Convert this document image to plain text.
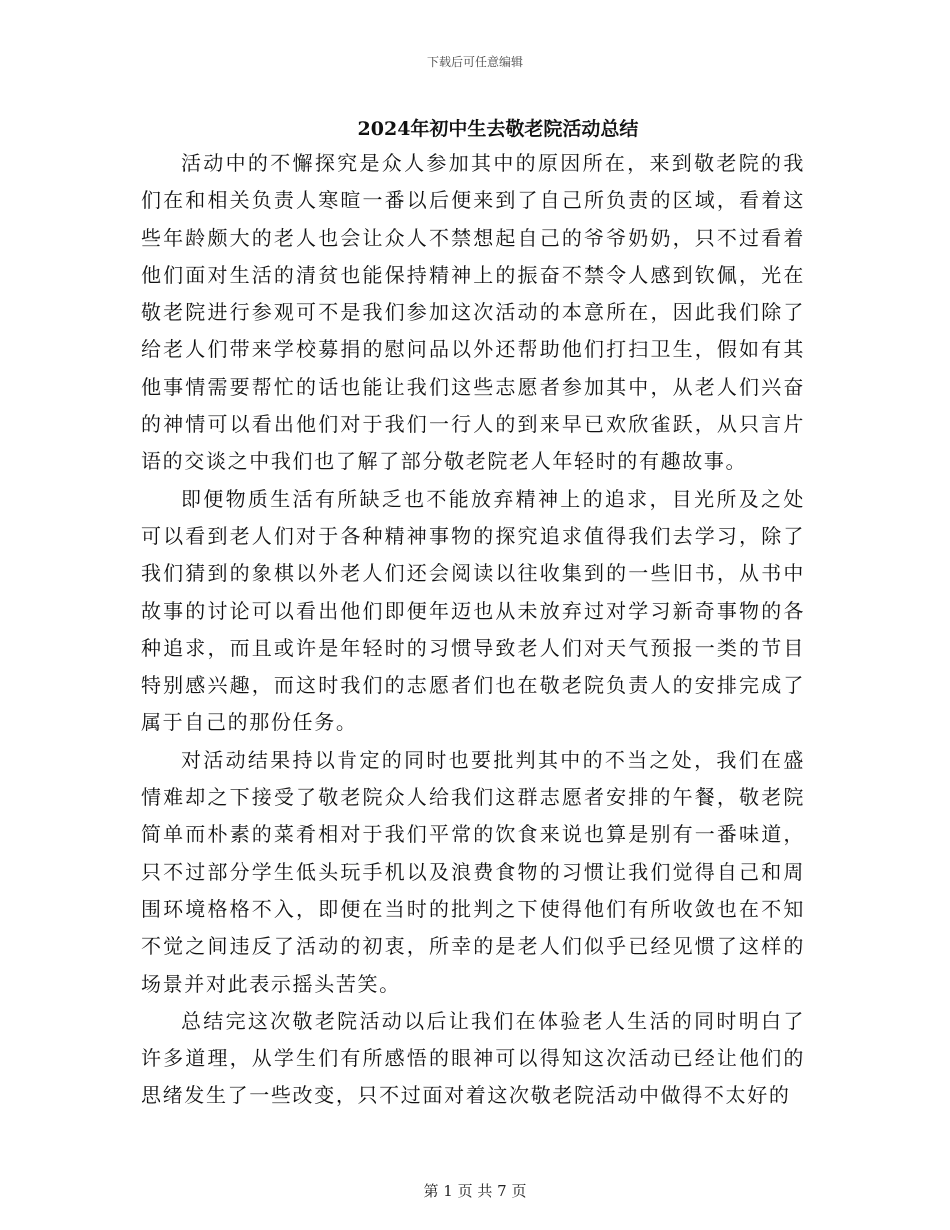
下载后可任意编辑
2024年初中生去敬老院活动总结

活动中的不懈探究是众人参加其中的原因所在，来到敬老院的我们在和相关负责人寒暄一番以后便来到了自己所负责的区域，看着这些年龄颇大的老人也会让众人不禁想起自己的爷爷奶奶，只不过看着他们面对生活的清贫也能保持精神上的振奋不禁令人感到钦佩，光在敬老院进行参观可不是我们参加这次活动的本意所在，因此我们除了给老人们带来学校募捐的慰问品以外还帮助他们打扫卫生，假如有其他事情需要帮忙的话也能让我们这些志愿者参加其中，从老人们兴奋的神情可以看出他们对于我们一行人的到来早已欢欣雀跃，从只言片语的交谈之中我们也了解了部分敬老院老人年轻时的有趣故事。

即便物质生活有所缺乏也不能放弃精神上的追求，目光所及之处可以看到老人们对于各种精神事物的探究追求值得我们去学习，除了我们猜到的象棋以外老人们还会阅读以往收集到的一些旧书，从书中故事的讨论可以看出他们即便年迈也从未放弃过对学习新奇事物的各种追求，而且或许是年轻时的习惯导致老人们对天气预报一类的节目特别感兴趣，而这时我们的志愿者们也在敬老院负责人的安排完成了属于自己的那份任务。

对活动结果持以肯定的同时也要批判其中的不当之处，我们在盛情难却之下接受了敬老院众人给我们这群志愿者安排的午餐，敬老院简单而朴素的菜肴相对于我们平常的饮食来说也算是别有一番味道，只不过部分学生低头玩手机以及浪费食物的习惯让我们觉得自己和周围环境格格不入，即便在当时的批判之下使得他们有所收敛也在不知不觉之间违反了活动的初衷，所幸的是老人们似乎已经见惯了这样的场景并对此表示摇头苦笑。

总结完这次敬老院活动以后让我们在体验老人生活的同时明白了许多道理，从学生们有所感悟的眼神可以得知这次活动已经让他们的思绪发生了一些改变，只不过面对着这次敬老院活动中做得不太好的

第 1 页 共 7 页
